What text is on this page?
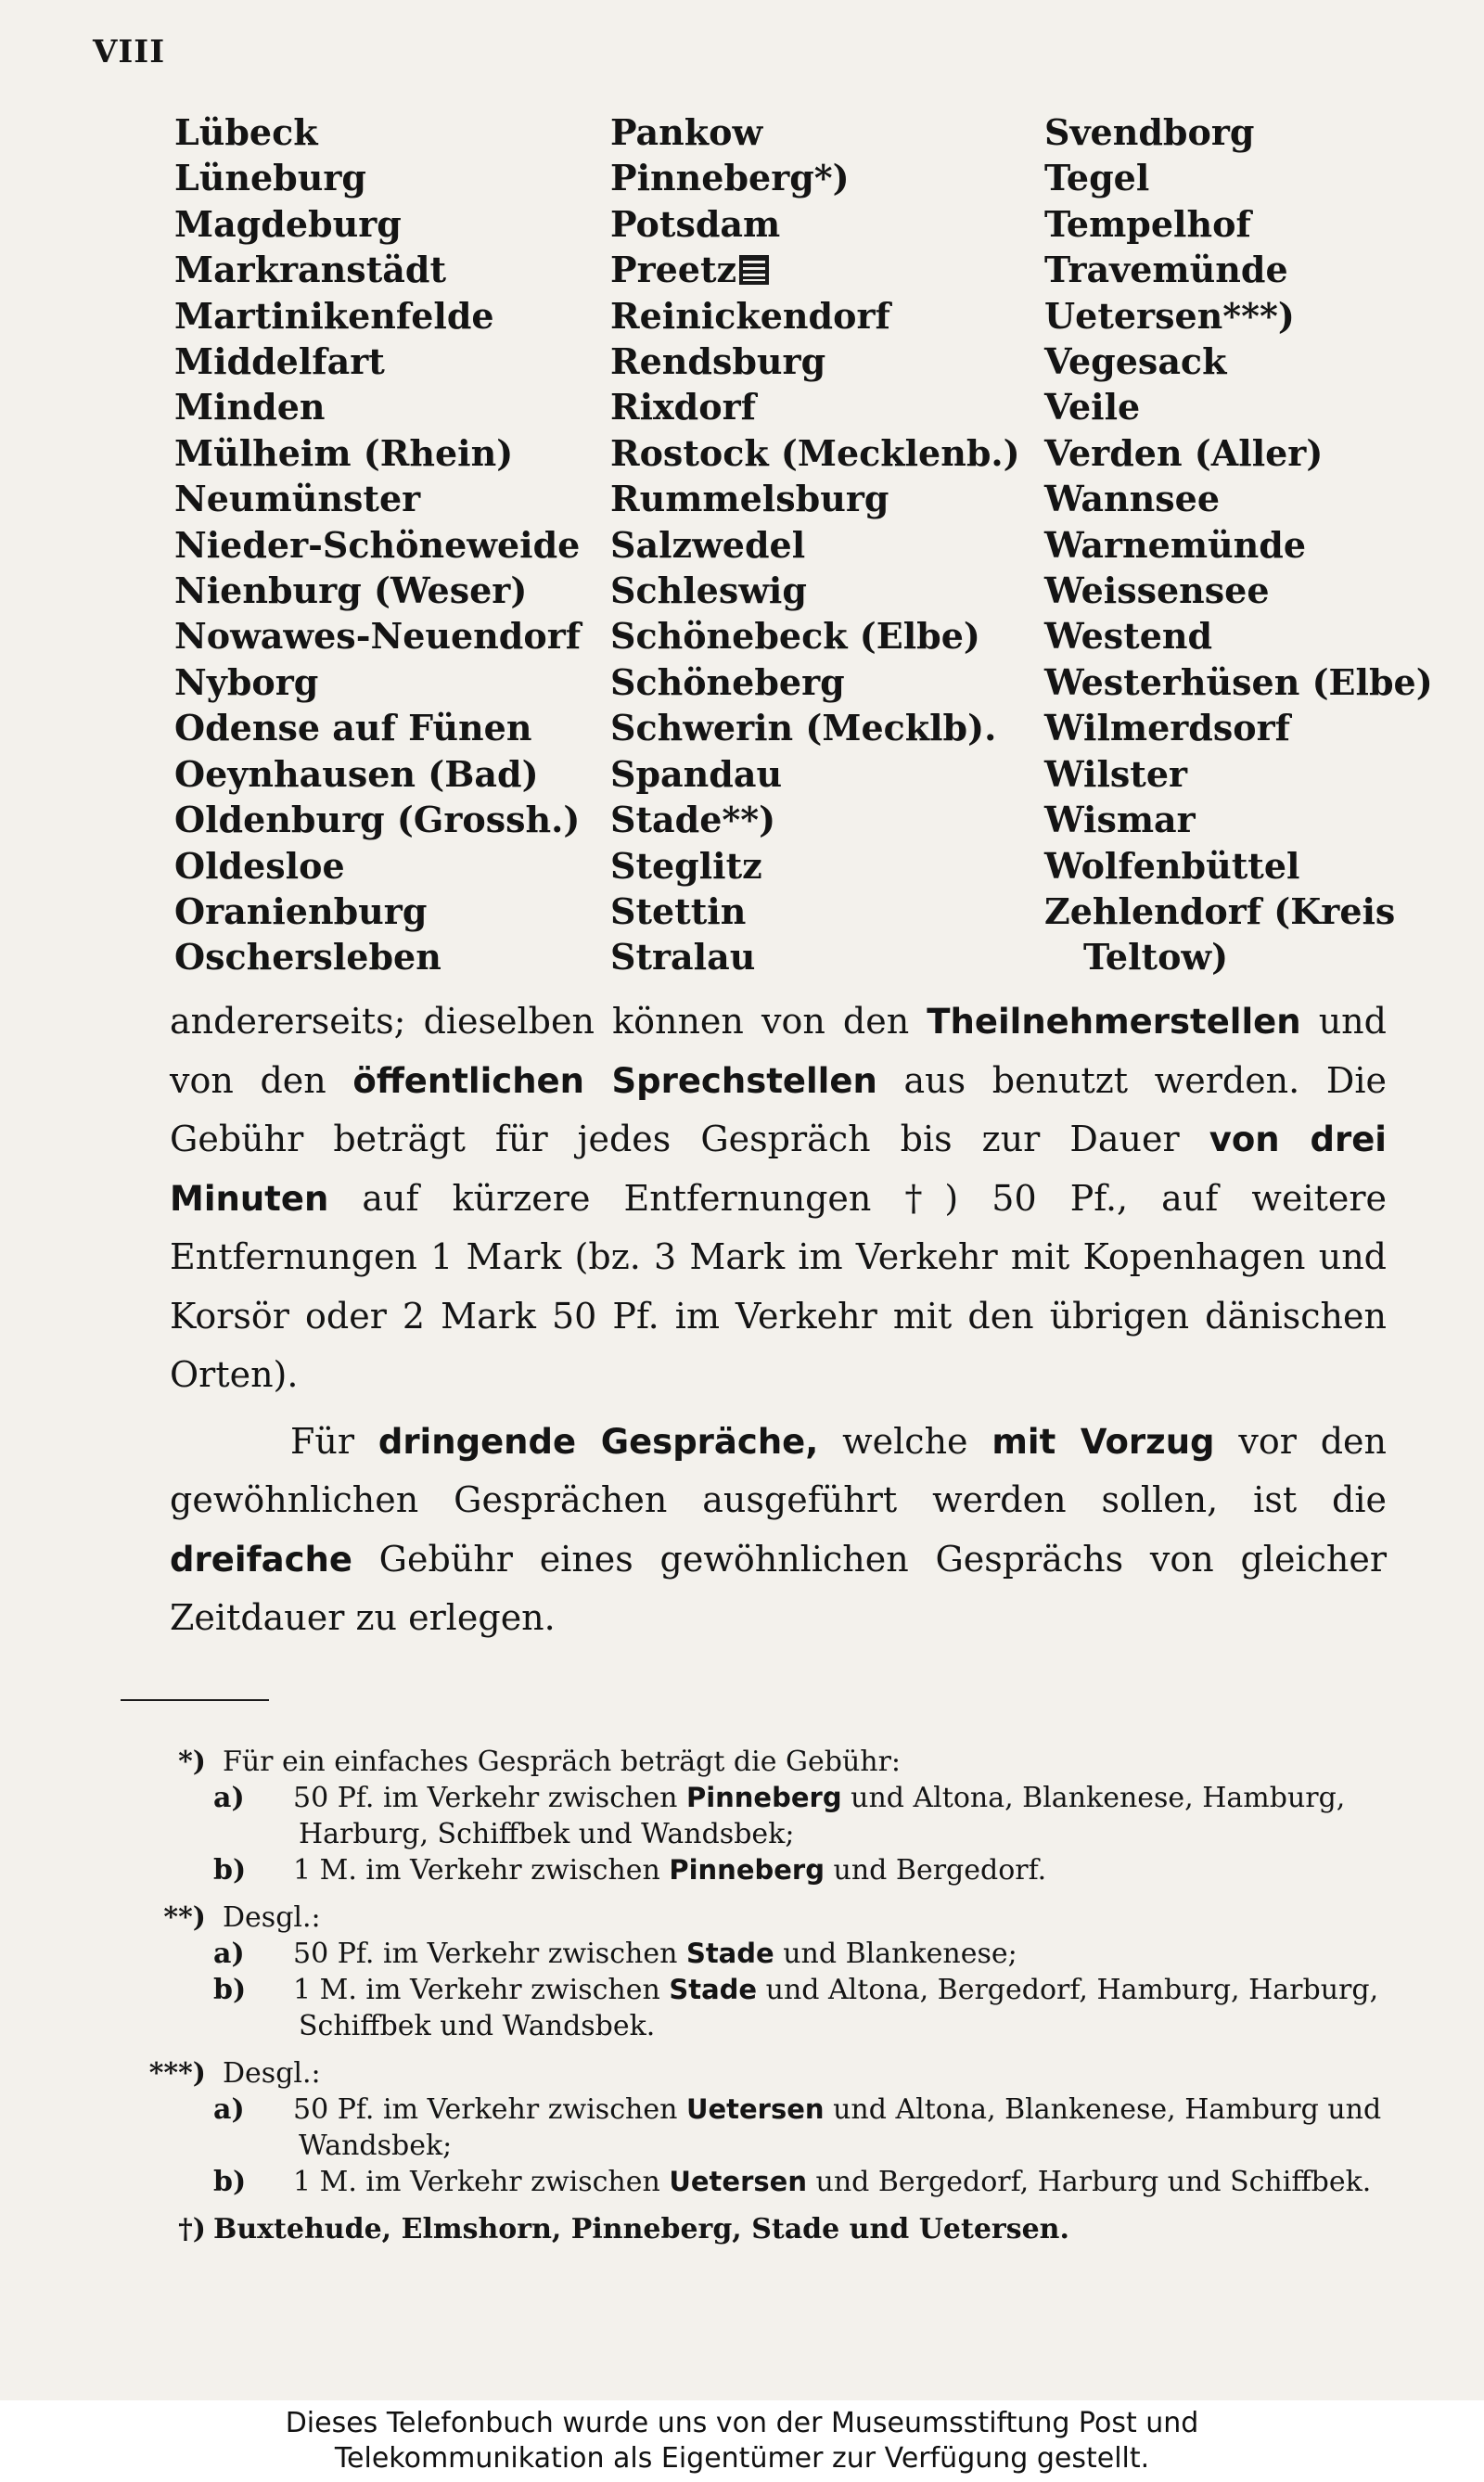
VIII
Lübeck
Lüneburg
Magdeburg
Markranstädt
Martinikenfelde
Middelfart
Minden
Mülheim (Rhein)
Neumünster
Nieder-Schöneweide
Nienburg (Weser)
Nowawes-Neuendorf
Nyborg
Odense auf Fünen
Oeynhausen (Bad)
Oldenburg (Grossh.)
Oldesloe
Oranienburg
Oschersleben
Pankow
Pinneberg*)
Potsdam
Preetz
Reinickendorf
Rendsburg
Rixdorf
Rostock (Mecklenb.)
Rummelsburg
Salzwedel
Schleswig
Schönebeck (Elbe)
Schöneberg
Schwerin (Mecklb).
Spandau
Stade**)
Steglitz
Stettin
Stralau
Svendborg
Tegel
Tempelhof
Travemünde
Uetersen***)
Vegesack
Veile
Verden (Aller)
Wannsee
Warnemünde
Weissensee
Westend
Westerhüsen (Elbe)
Wilmerdsorf
Wilster
Wismar
Wolfenbüttel
Zehlendorf (Kreis
Teltow)

andererseits; dieselben können von den Theilnehmerstellen und von den öffentlichen Sprechstellen aus benutzt werden. Die Gebühr beträgt für jedes Gespräch bis zur Dauer von drei Minuten auf kürzere Entfernungen †) 50 Pf., auf weitere Entfernungen 1 Mark (bz. 3 Mark im Verkehr mit Kopenhagen und Korsör oder 2 Mark 50 Pf. im Verkehr mit den übrigen dänischen Orten).

Für dringende Gespräche, welche mit Vorzug vor den gewöhnlichen Gesprächen ausgeführt werden sollen, ist die dreifache Gebühr eines gewöhnlichen Gesprächs von gleicher Zeitdauer zu erlegen.

*) Für ein einfaches Gespräch beträgt die Gebühr:
a) 50 Pf. im Verkehr zwischen Pinneberg und Altona, Blankenese, Hamburg, Harburg, Schiffbek und Wandsbek;
b) 1 M. im Verkehr zwischen Pinneberg und Bergedorf.
**) Desgl.:
a) 50 Pf. im Verkehr zwischen Stade und Blankenese;
b) 1 M. im Verkehr zwischen Stade und Altona, Bergedorf, Hamburg, Harburg, Schiffbek und Wandsbek.
***) Desgl.:
a) 50 Pf. im Verkehr zwischen Uetersen und Altona, Blankenese, Hamburg und Wandsbek;
b) 1 M. im Verkehr zwischen Uetersen und Bergedorf, Harburg und Schiffbek.
†) Buxtehude, Elmshorn, Pinneberg, Stade und Uetersen.
Dieses Telefonbuch wurde uns von der Museumsstiftung Post und
Telekommunikation als Eigentümer zur Verfügung gestellt.
